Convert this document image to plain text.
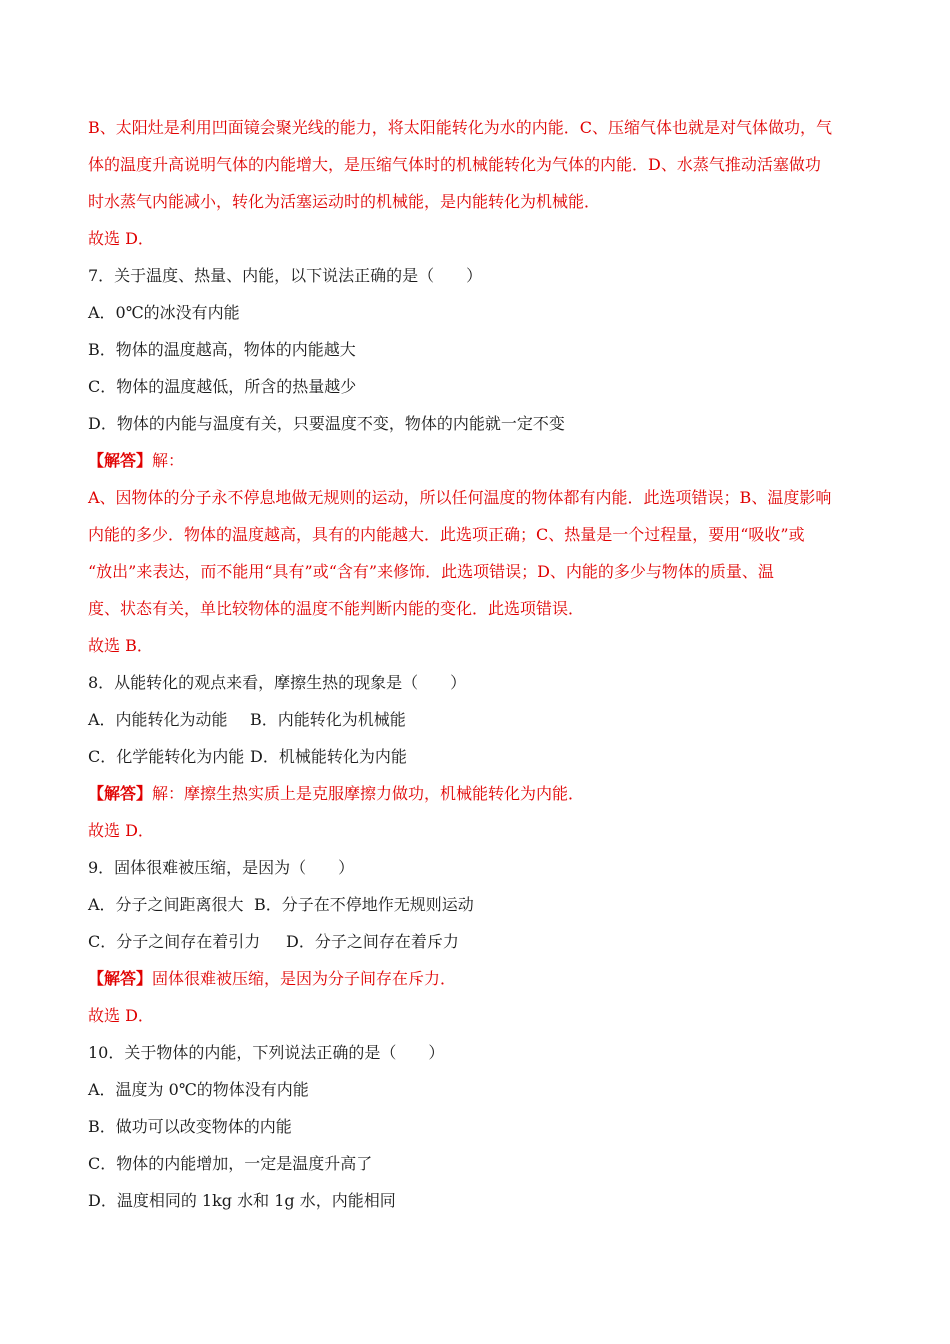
B、太阳灶是利用凹面镜会聚光线的能力，将太阳能转化为水的内能．C、压缩气体也就是对气体做功，气
体的温度升高说明气体的内能增大，是压缩气体时的机械能转化为气体的内能．D、水蒸气推动活塞做功
时水蒸气内能减小，转化为活塞运动时的机械能，是内能转化为机械能．
故选 D．
7．关于温度、热量、内能，以下说法正确的是（　　）
A．0℃的冰没有内能
B．物体的温度越高，物体的内能越大
C．物体的温度越低，所含的热量越少
D．物体的内能与温度有关，只要温度不变，物体的内能就一定不变
【解答】解：
A、因物体的分子永不停息地做无规则的运动，所以任何温度的物体都有内能．此选项错误；B、温度影响
内能的多少．物体的温度越高，具有的内能越大．此选项正确；C、热量是一个过程量，要用“吸收”或
“放出”来表达，而不能用“具有”或“含有”来修饰．此选项错误；D、内能的多少与物体的质量、温
度、状态有关，单比较物体的温度不能判断内能的变化．此选项错误．
故选 B．
8．从能转化的观点来看，摩擦生热的现象是（　　）
A．内能转化为动能 B．内能转化为机械能
C．化学能转化为内能 D．机械能转化为内能
【解答】解：摩擦生热实质上是克服摩擦力做功，机械能转化为内能．
故选 D．
9．固体很难被压缩，是因为（　　）
A．分子之间距离很大 B．分子在不停地作无规则运动
C．分子之间存在着引力 D．分子之间存在着斥力
【解答】固体很难被压缩，是因为分子间存在斥力．
故选 D．
10．关于物体的内能，下列说法正确的是（　　）
A．温度为 0℃的物体没有内能
B．做功可以改变物体的内能
C．物体的内能增加，一定是温度升高了
D．温度相同的 1kg 水和 1g 水，内能相同
